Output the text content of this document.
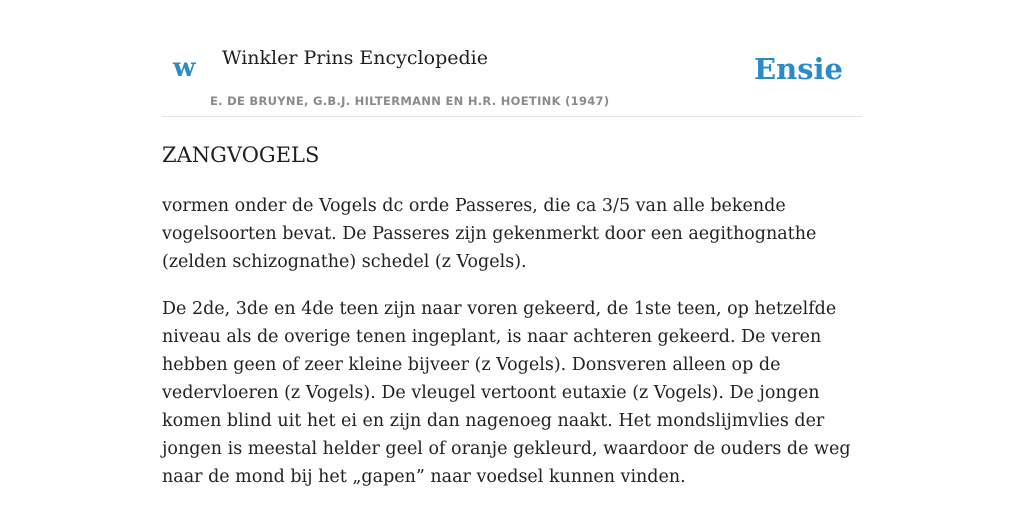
w Winkler Prins Encyclopedie
E. DE BRUYNE, G.B.J. HILTERMANN EN H.R. HOETINK (1947)
Ensie
ZANGVOGELS

vormen onder de Vogels dc orde Passeres, die ca 3/5 van alle bekende vogelsoorten bevat. De Passeres zijn gekenmerkt door een aegithognathe (zelden schizognathe) schedel (z Vogels).

De 2de, 3de en 4de teen zijn naar voren gekeerd, de 1ste teen, op hetzelfde niveau als de overige tenen ingeplant, is naar achteren gekeerd. De veren hebben geen of zeer kleine bijveer (z Vogels). Donsveren alleen op de vedervloeren (z Vogels). De vleugel vertoont eutaxie (z Vogels). De jongen komen blind uit het ei en zijn dan nagenoeg naakt. Het mondslijmvlies der jongen is meestal helder geel of oranje gekleurd, waardoor de ouders de weg naar de mond bij het „gapen” naar voedsel kunnen vinden.
